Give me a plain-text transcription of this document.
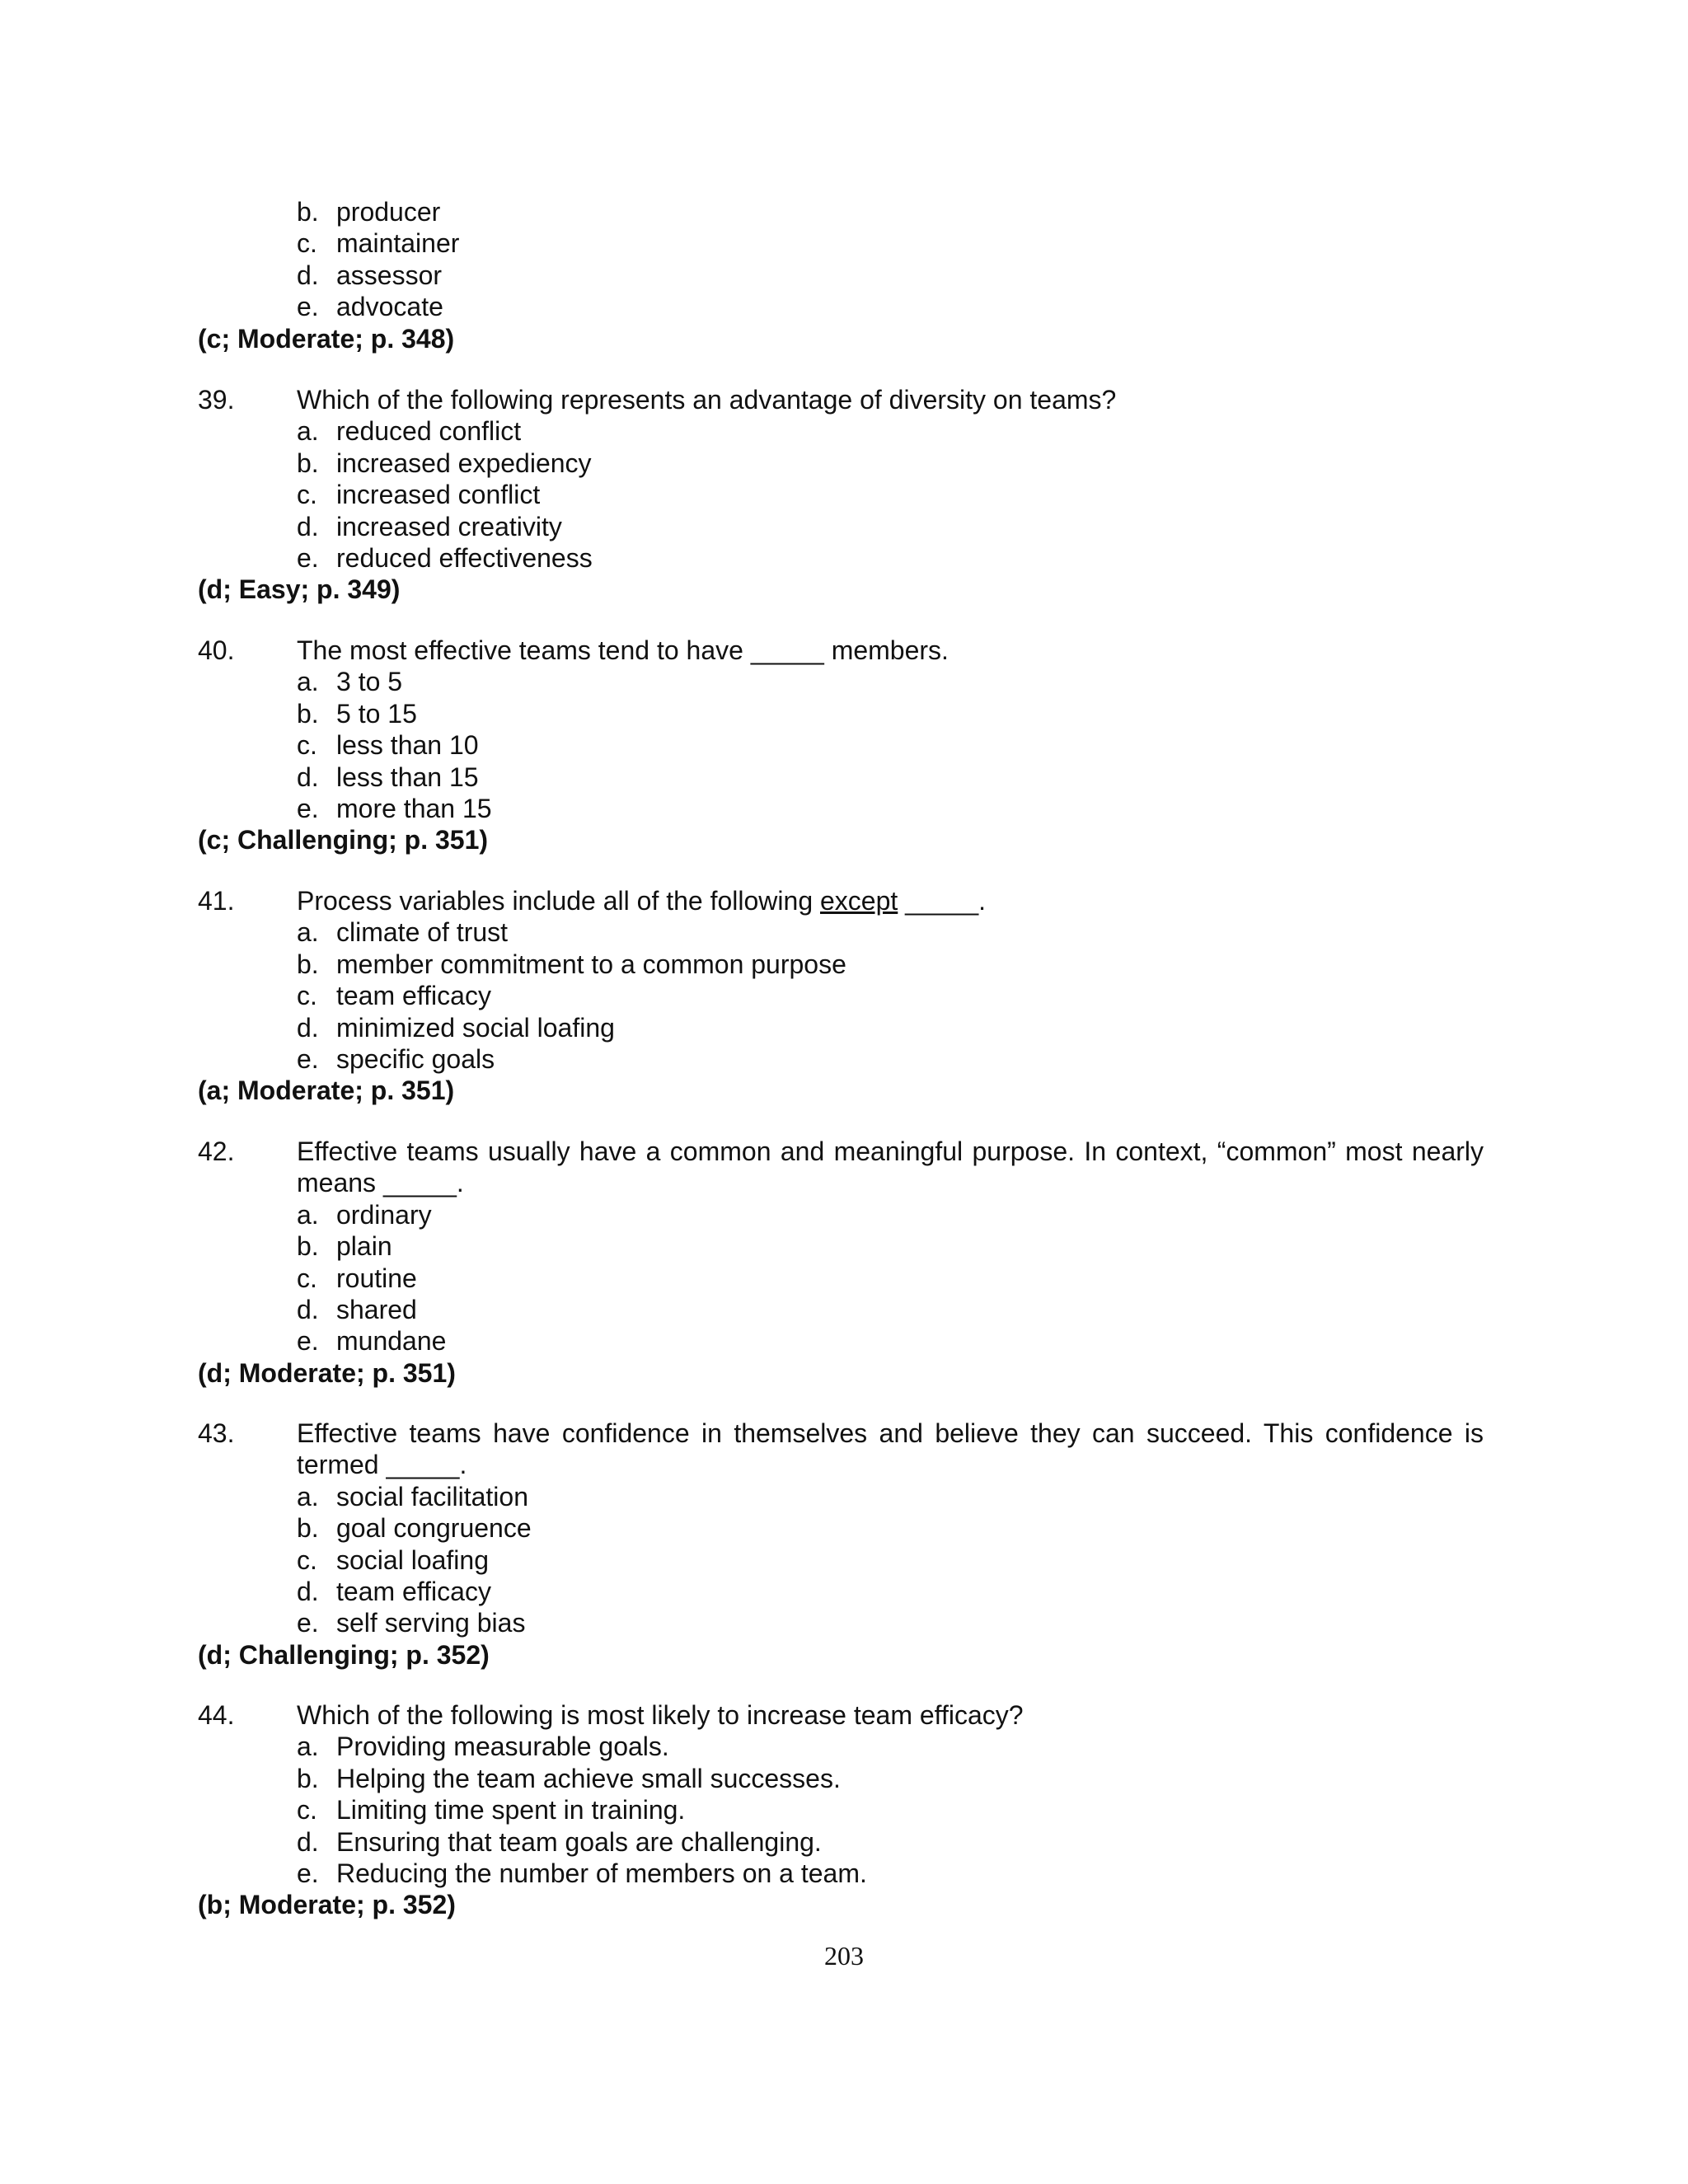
b. producer
c. maintainer
d. assessor
e. advocate
(c; Moderate; p. 348)
39.	Which of the following represents an advantage of diversity on teams?
a. reduced conflict
b. increased expediency
c. increased conflict
d. increased creativity
e. reduced effectiveness
(d; Easy; p. 349)
40.	The most effective teams tend to have _____ members.
a. 3 to 5
b. 5 to 15
c. less than 10
d. less than 15
e. more than 15
(c; Challenging; p. 351)
41.	Process variables include all of the following except _____.
a. climate of trust
b. member commitment to a common purpose
c. team efficacy
d. minimized social loafing
e. specific goals
(a; Moderate; p. 351)
42.	Effective teams usually have a common and meaningful purpose. In context, “common” most nearly means _____.
a. ordinary
b. plain
c. routine
d. shared
e. mundane
(d; Moderate; p. 351)
43.	Effective teams have confidence in themselves and believe they can succeed. This confidence is termed _____.
a. social facilitation
b. goal congruence
c. social loafing
d. team efficacy
e. self serving bias
(d; Challenging; p. 352)
44.	Which of the following is most likely to increase team efficacy?
a. Providing measurable goals.
b. Helping the team achieve small successes.
c. Limiting time spent in training.
d. Ensuring that team goals are challenging.
e. Reducing the number of members on a team.
(b; Moderate; p. 352)
203
